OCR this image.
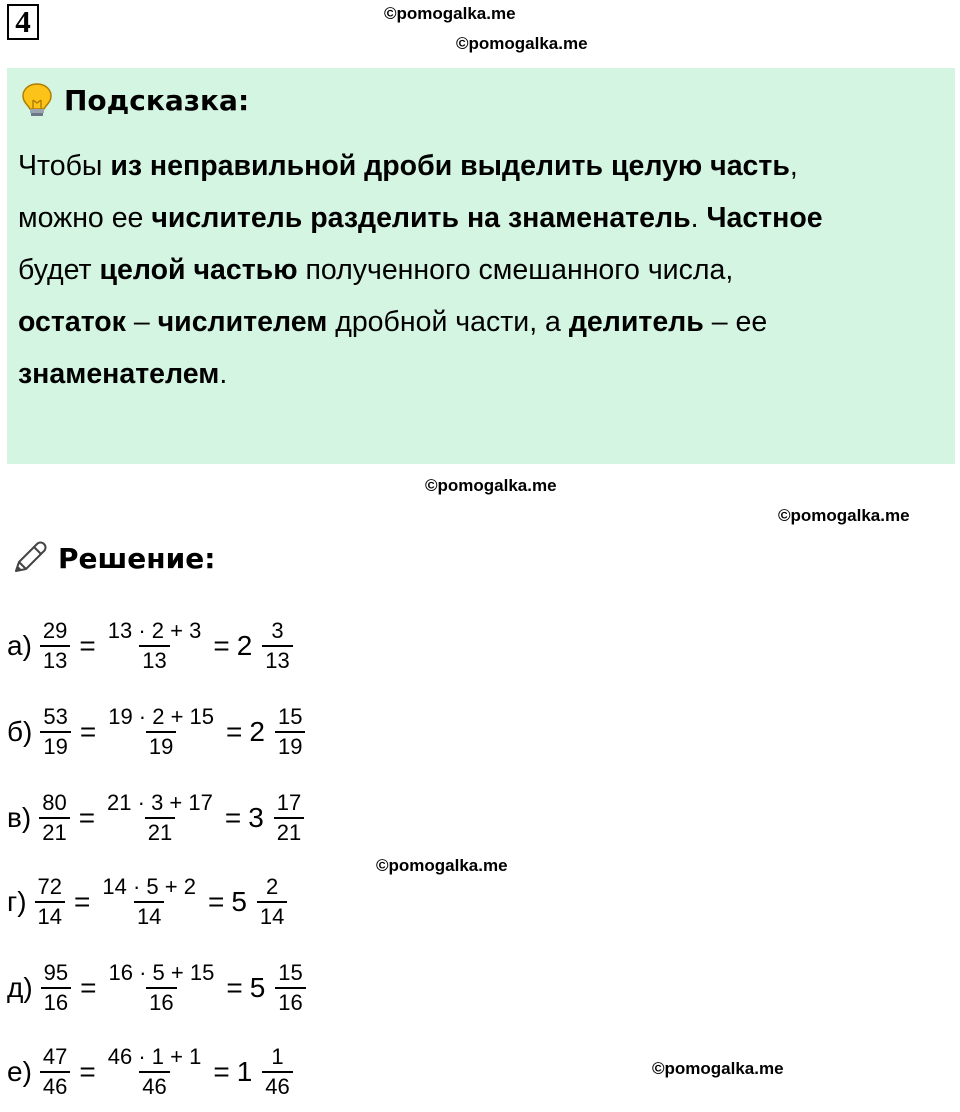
4	©pomogalka.me
©pomogalka.me
Подсказка:
Чтобы из неправильной дроби выделить целую часть,
можно ее числитель разделить на знаменатель. Частное
будет целой частью полученного смешанного числа,
остаток – числителем дробной части, а делитель – ее
знаменателем.
©pomogalka.me
©pomogalka.me
Решение:
$а) \frac{29}{13} = \frac{13 \cdot 2 + 3}{13} = 2 \frac{3}{13}$
$б) \frac{53}{19} = \frac{19 \cdot 2 + 15}{19} = 2 \frac{15}{19}$
$в) \frac{80}{21} = \frac{21 \cdot 3 + 17}{21} = 3 \frac{17}{21}$
$г) \frac{72}{14} = \frac{14 \cdot 5 + 2}{14} = 5 \frac{2}{14}$
$д) \frac{95}{16} = \frac{16 \cdot 5 + 15}{16} = 5 \frac{15}{16}$
$е) \frac{47}{46} = \frac{46 \cdot 1 + 1}{46} = 1 \frac{1}{46}$
©pomogalka.me
©pomogalka.me
